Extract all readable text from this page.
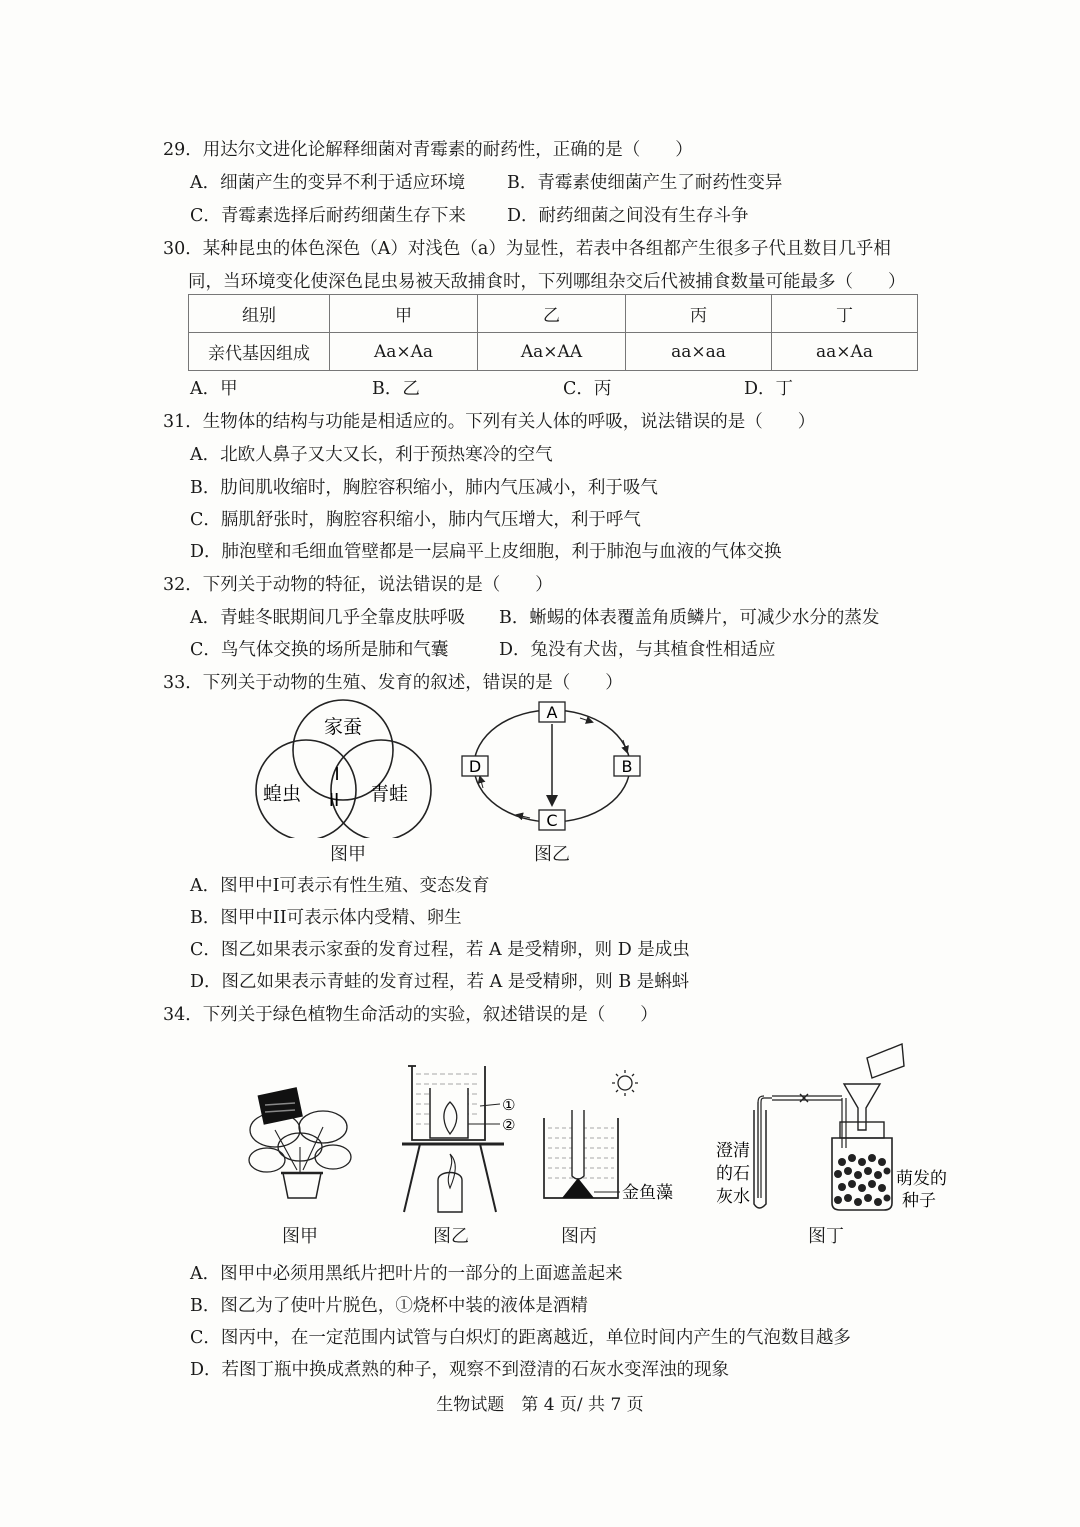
29．用达尔文进化论解释细菌对青霉素的耐药性，正确的是（　　）
A．细菌产生的变异不利于适应环境 B．青霉素使细菌产生了耐药性变异
C．青霉素选择后耐药细菌生存下来 D．耐药细菌之间没有生存斗争
30．某种昆虫的体色深色（A）对浅色（a）为显性，若表中各组都产生很多子代且数目几乎相
同，当环境变化使深色昆虫易被天敌捕食时，下列哪组杂交后代被捕食数量可能最多（　　）
组别	甲	乙	丙	丁
亲代基因组成	Aa×Aa	Aa×AA	aa×aa	aa×Aa
A．甲	B．乙	C．丙	D．丁
31．生物体的结构与功能是相适应的。下列有关人体的呼吸，说法错误的是（　　）
A．北欧人鼻子又大又长，利于预热寒冷的空气
B．肋间肌收缩时，胸腔容积缩小，肺内气压减小，利于吸气
C．膈肌舒张时，胸腔容积缩小，肺内气压增大，利于呼气
D．肺泡壁和毛细血管壁都是一层扁平上皮细胞，利于肺泡与血液的气体交换
32．下列关于动物的特征，说法错误的是（　　）
A．青蛙冬眠期间几乎全靠皮肤呼吸 B．蜥蜴的体表覆盖角质鳞片，可减少水分的蒸发
C．鸟气体交换的场所是肺和气囊	D．兔没有犬齿，与其植食性相适应
33．下列关于动物的生殖、发育的叙述，错误的是（　　）
家蚕
蝗虫	青蛙
I
II
图甲
A
B
C
D
图乙
A．图甲中I可表示有性生殖、变态发育
B．图甲中II可表示体内受精、卵生
C．图乙如果表示家蚕的发育过程，若 A 是受精卵，则 D 是成虫
D．图乙如果表示青蛙的发育过程，若 A 是受精卵，则 B 是蝌蚪
34．下列关于绿色植物生命活动的实验，叙述错误的是（　　）
图甲
①
②
图乙
金鱼藻
图丙
澄清
的石
灰水
萌发的
种子
图丁
A．图甲中必须用黑纸片把叶片的一部分的上面遮盖起来
B．图乙为了使叶片脱色，①烧杯中装的液体是酒精
C．图丙中，在一定范围内试管与白炽灯的距离越近，单位时间内产生的气泡数目越多
D．若图丁瓶中换成煮熟的种子，观察不到澄清的石灰水变浑浊的现象
生物试题　第 4 页/ 共 7 页
